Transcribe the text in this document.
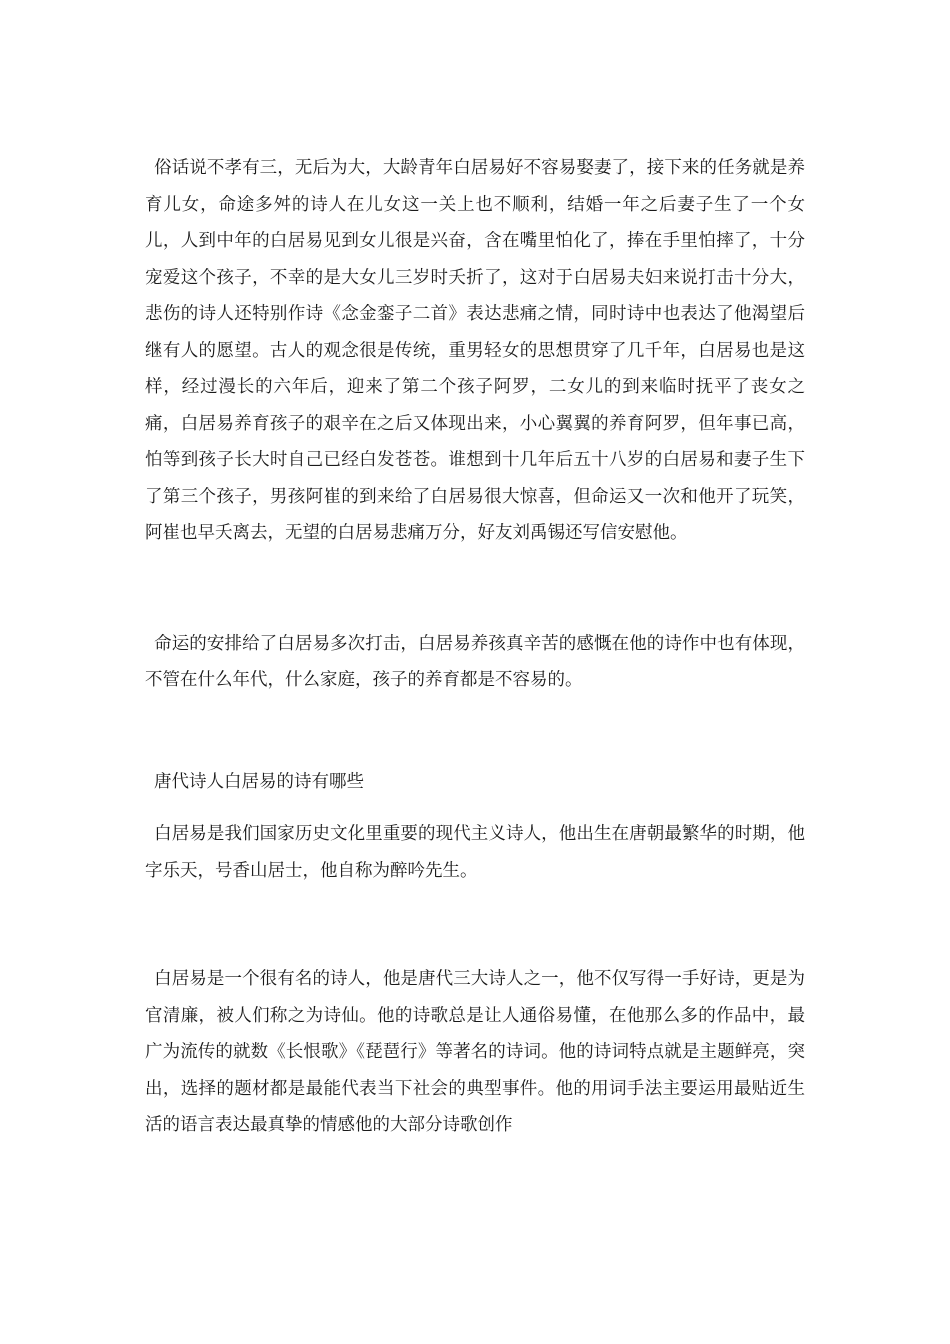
俗话说不孝有三，无后为大，大龄青年白居易好不容易娶妻了，接下来的任务就是养育儿女，命途多舛的诗人在儿女这一关上也不顺利，结婚一年之后妻子生了一个女儿，人到中年的白居易见到女儿很是兴奋，含在嘴里怕化了，捧在手里怕摔了，十分宠爱这个孩子，不幸的是大女儿三岁时夭折了，这对于白居易夫妇来说打击十分大，悲伤的诗人还特别作诗《念金銮子二首》表达悲痛之情，同时诗中也表达了他渴望后继有人的愿望。古人的观念很是传统，重男轻女的思想贯穿了几千年，白居易也是这样，经过漫长的六年后，迎来了第二个孩子阿罗，二女儿的到来临时抚平了丧女之痛，白居易养育孩子的艰辛在之后又体现出来，小心翼翼的养育阿罗，但年事已高，怕等到孩子长大时自己已经白发苍苍。谁想到十几年后五十八岁的白居易和妻子生下了第三个孩子，男孩阿崔的到来给了白居易很大惊喜，但命运又一次和他开了玩笑，阿崔也早夭离去，无望的白居易悲痛万分，好友刘禹锡还写信安慰他。

命运的安排给了白居易多次打击，白居易养孩真辛苦的感慨在他的诗作中也有体现，不管在什么年代，什么家庭，孩子的养育都是不容易的。

唐代诗人白居易的诗有哪些

白居易是我们国家历史文化里重要的现代主义诗人，他出生在唐朝最繁华的时期，他字乐天，号香山居士，他自称为醉吟先生。

白居易是一个很有名的诗人，他是唐代三大诗人之一，他不仅写得一手好诗，更是为官清廉，被人们称之为诗仙。他的诗歌总是让人通俗易懂，在他那么多的作品中，最广为流传的就数《长恨歌》《琵琶行》等著名的诗词。他的诗词特点就是主题鲜亮，突出，选择的题材都是最能代表当下社会的典型事件。他的用词手法主要运用最贴近生活的语言表达最真挚的情感他的大部分诗歌创作
